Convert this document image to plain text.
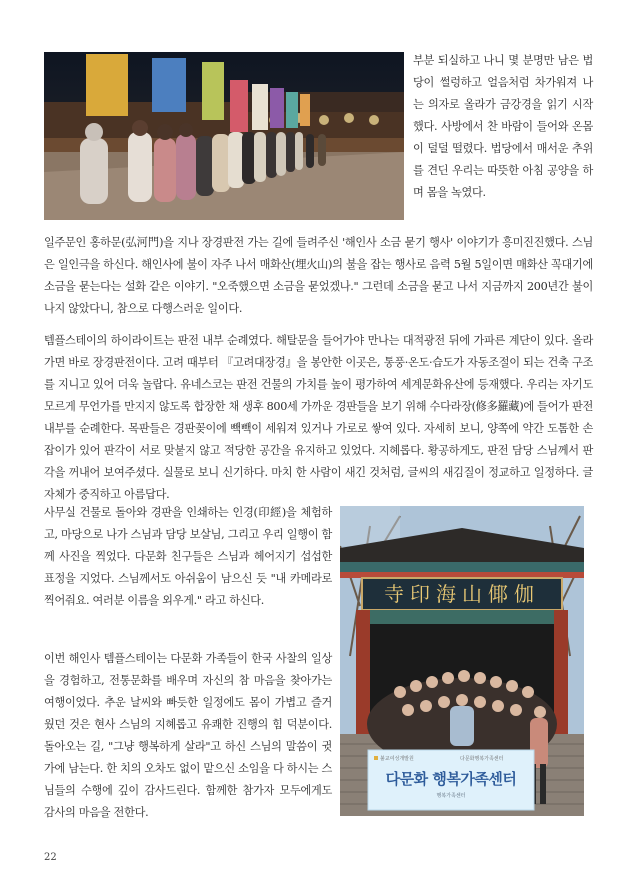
부분 되실하고 나니 몇 분명만 남은 법당이 썰렁하고 얼음처럼 차가워져 나는 의자로 올라가 금강경을 읽기 시작했다. 사방에서 찬 바람이 들어와 온몸이 덜덜 떨렸다. 법당에서 매서운 추위를 견딘 우리는 따뜻한 아침 공양을 하며 몸을 녹였다.

일주문인 홍하문(弘河門)을 지나 장경판전 가는 길에 들려주신 '해인사 소금 묻기 행사' 이야기가 흥미진진했다. 스님은 일인극을 하신다. 해인사에 불이 자주 나서 매화산(埋火山)의 불을 잡는 행사로 음력 5월 5일이면 매화산 꼭대기에 소금을 묻는다는 설화 같은 이야기. "오죽했으면 소금을 묻었겠나." 그런데 소금을 묻고 나서 지금까지 200년간 불이 나지 않았다니, 참으로 다행스러운 일이다.

템플스테이의 하이라이트는 판전 내부 순례였다. 해탈문을 들어가야 만나는 대적광전 뒤에 가파른 계단이 있다. 올라가면 바로 장경판전이다. 고려 때부터 『고려대장경』을 봉안한 이곳은, 통풍·온도·습도가 자동조절이 되는 건축 구조를 지니고 있어 더욱 놀랍다. 유네스코는 판전 건물의 가치를 높이 평가하여 세계문화유산에 등재했다. 우리는 자기도 모르게 무언가를 만지지 않도록 합장한 채 생후 800세 가까운 경판들을 보기 위해 수다라장(修多羅藏)에 들어가 판전 내부를 순례한다. 목판들은 경판꽂이에 빽빽이 세워져 있거나 가로로 쌓여 있다. 자세히 보니, 양쪽에 약간 도톰한 손잡이가 있어 판각이 서로 맞붙지 않고 적당한 공간을 유지하고 있었다. 지혜롭다. 황공하게도, 판전 담당 스님께서 판각을 꺼내어 보여주셨다. 실물로 보니 신기하다. 마치 한 사람이 새긴 것처럼, 글씨의 새김질이 정교하고 일정하다. 글자체가 중직하고 아름답다.

사무실 건물로 돌아와 경판을 인쇄하는 인경(印經)을 체험하고, 마당으로 나가 스님과 담당 보살님, 그리고 우리 일행이 함께 사진을 찍었다. 다문화 친구들은 스님과 헤어지기 섭섭한 표정을 지었다. 스님께서도 아쉬움이 남으신 듯 "내 카메라로 찍어줘요. 여러분 이름을 외우게." 라고 하신다.

이번 해인사 템플스테이는 다문화 가족들이 한국 사찰의 일상을 경험하고, 전통문화를 배우며 자신의 참 마음을 찾아가는 여행이었다. 추운 날씨와 빠듯한 일정에도 몸이 가볍고 즐거웠던 것은 현사 스님의 지혜롭고 유쾌한 진행의 힘 덕분이다. 돌아오는 길, "그냥 행복하게 살라"고 하신 스님의 말씀이 귓가에 남는다. 한 치의 오차도 없이 맡으신 소임을 다 하시는 스님들의 수행에 깊이 감사드린다. 함께한 참가자 모두에게도 감사의 마음을 전한다.

伽倻山海印寺
불교여성개발원	다문화행복가족센터
다문화 행복가족센터
행복가족센터
22
